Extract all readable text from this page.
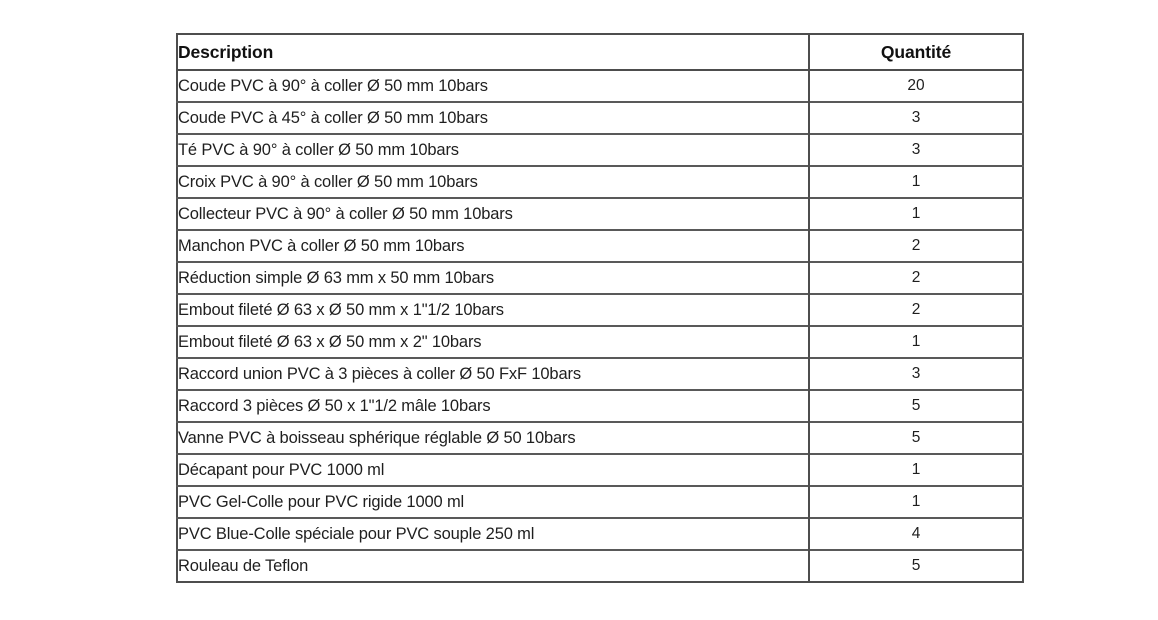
Description	Quantité
Coude PVC à 90° à coller Ø 50 mm 10bars	20
Coude PVC à 45° à coller Ø 50 mm 10bars	3
Té PVC à 90° à coller Ø 50 mm 10bars	3
Croix PVC à 90° à coller Ø 50 mm 10bars	1
Collecteur PVC à 90° à coller Ø 50 mm 10bars	1
Manchon PVC à coller Ø 50 mm 10bars	2
Réduction simple Ø 63 mm x 50 mm 10bars	2
Embout fileté Ø 63 x Ø 50 mm x 1"1/2 10bars	2
Embout fileté Ø 63 x Ø 50 mm x 2" 10bars	1
Raccord union PVC à 3 pièces à coller Ø 50 FxF 10bars	3
Raccord 3 pièces Ø 50 x 1"1/2 mâle 10bars	5
Vanne PVC à boisseau sphérique réglable Ø 50 10bars	5
Décapant pour PVC 1000 ml	1
PVC Gel-Colle pour PVC rigide 1000 ml	1
PVC Blue-Colle spéciale pour PVC souple 250 ml	4
Rouleau de Teflon	5
